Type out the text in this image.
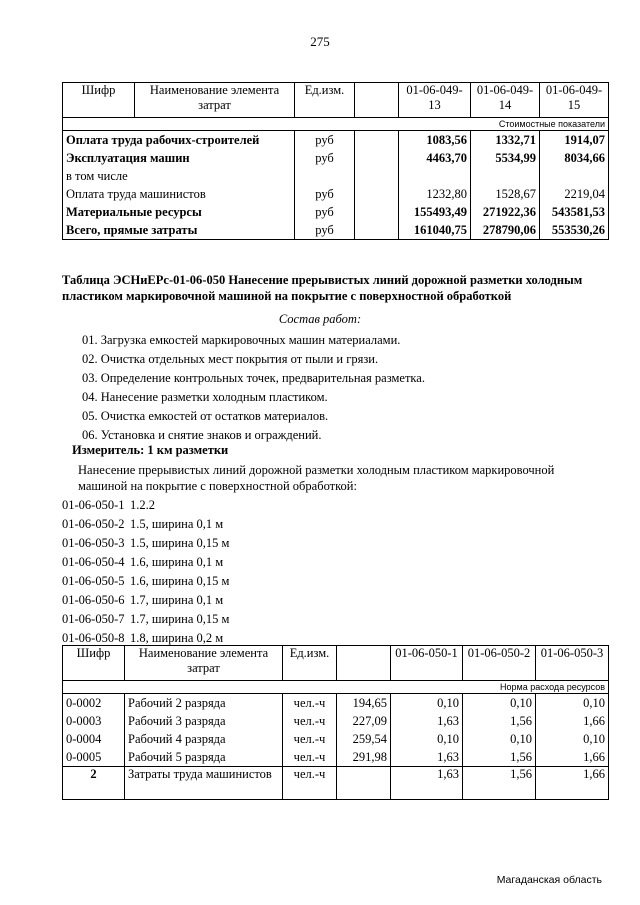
275
Шифр	Наименование элемента затрат	Ед.изм.		01-06-049-13	01-06-049-14	01-06-049-15
Стоимостные показатели						
Оплата труда рабочих-строителей		руб		1083,56	1332,71	1914,07
Эксплуатация машин		руб		4463,70	5534,99	8034,66
в том числе						
Оплата труда машинистов		руб		1232,80	1528,67	2219,04
Материальные ресурсы		руб		155493,49	271922,36	543581,53
Всего, прямые затраты		руб		161040,75	278790,06	553530,26
Таблица ЭСНиЕРс-01-06-050 Нанесение прерывистых линий дорожной разметки холодным пластиком маркировочной машиной на покрытие с поверхностной обработкой
Состав работ:
01. Загрузка емкостей маркировочных машин материалами.
02. Очистка отдельных мест покрытия от пыли и грязи.
03. Определение контрольных точек, предварительная разметка.
04. Нанесение разметки холодным пластиком.
05. Очистка емкостей от остатков материалов.
06. Установка и снятие знаков и ограждений.
Измеритель: 1 км разметки
Нанесение прерывистых линий дорожной разметки холодным пластиком маркировочной машиной на покрытие с поверхностной обработкой:
01-06-050-1 1.2.2
01-06-050-2 1.5, ширина 0,1 м
01-06-050-3 1.5, ширина 0,15 м
01-06-050-4 1.6, ширина 0,1 м
01-06-050-5 1.6, ширина 0,15 м
01-06-050-6 1.7, ширина 0,1 м
01-06-050-7 1.7, ширина 0,15 м
01-06-050-8 1.8, ширина 0,2 м
Шифр	Наименование элемента затрат	Ед.изм.		01-06-050-1	01-06-050-2	01-06-050-3
Норма расхода ресурсов						
0-0002	Рабочий 2 разряда	чел.-ч	194,65	0,10	0,10	0,10
0-0003	Рабочий 3 разряда	чел.-ч	227,09	1,63	1,56	1,66
0-0004	Рабочий 4 разряда	чел.-ч	259,54	0,10	0,10	0,10
0-0005	Рабочий 5 разряда	чел.-ч	291,98	1,63	1,56	1,66
2	Затраты труда машинистов	чел.-ч		1,63	1,56	1,66
Магаданская область
